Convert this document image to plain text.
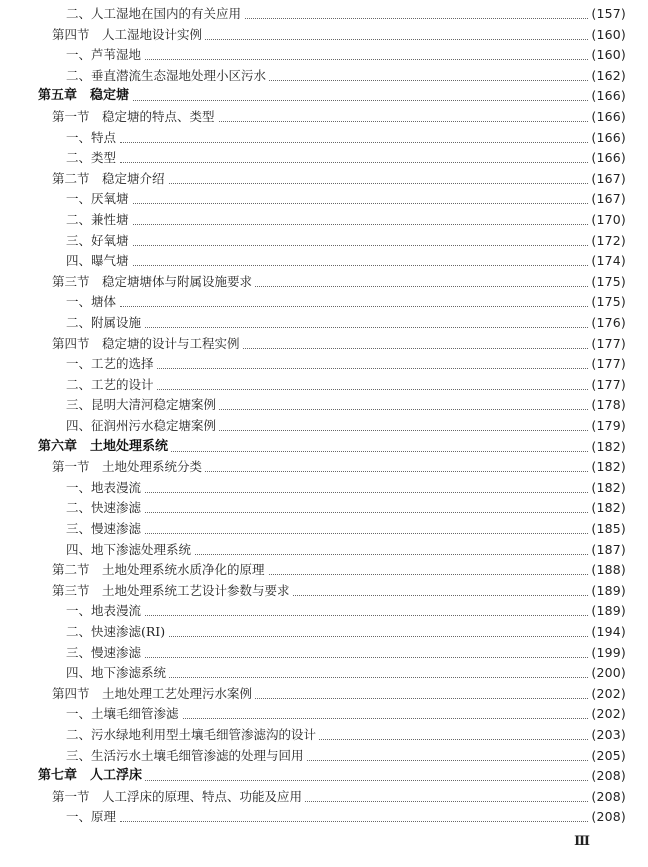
二、人工湿地在国内的有关应用	(157)
第四节　人工湿地设计实例	(160)
一、芦苇湿地	(160)
二、垂直潜流生态湿地处理小区污水	(162)
第五章　稳定塘	(166)
第一节　稳定塘的特点、类型	(166)
一、特点	(166)
二、类型	(166)
第二节　稳定塘介绍	(167)
一、厌氧塘	(167)
二、兼性塘	(170)
三、好氧塘	(172)
四、曝气塘	(174)
第三节　稳定塘塘体与附属设施要求	(175)
一、塘体	(175)
二、附属设施	(176)
第四节　稳定塘的设计与工程实例	(177)
一、工艺的选择	(177)
二、工艺的设计	(177)
三、昆明大清河稳定塘案例	(178)
四、征润州污水稳定塘案例	(179)
第六章　土地处理系统	(182)
第一节　土地处理系统分类	(182)
一、地表漫流	(182)
二、快速渗滤	(182)
三、慢速渗滤	(185)
四、地下渗滤处理系统	(187)
第二节　土地处理系统水质净化的原理	(188)
第三节　土地处理系统工艺设计参数与要求	(189)
一、地表漫流	(189)
二、快速渗滤(RI)	(194)
三、慢速渗滤	(199)
四、地下渗滤系统	(200)
第四节　土地处理工艺处理污水案例	(202)
一、土壤毛细管渗滤	(202)
二、污水绿地利用型土壤毛细管渗滤沟的设计	(203)
三、生活污水土壤毛细管渗滤的处理与回用	(205)
第七章　人工浮床	(208)
第一节　人工浮床的原理、特点、功能及应用	(208)
一、原理	(208)
Ⅲ
